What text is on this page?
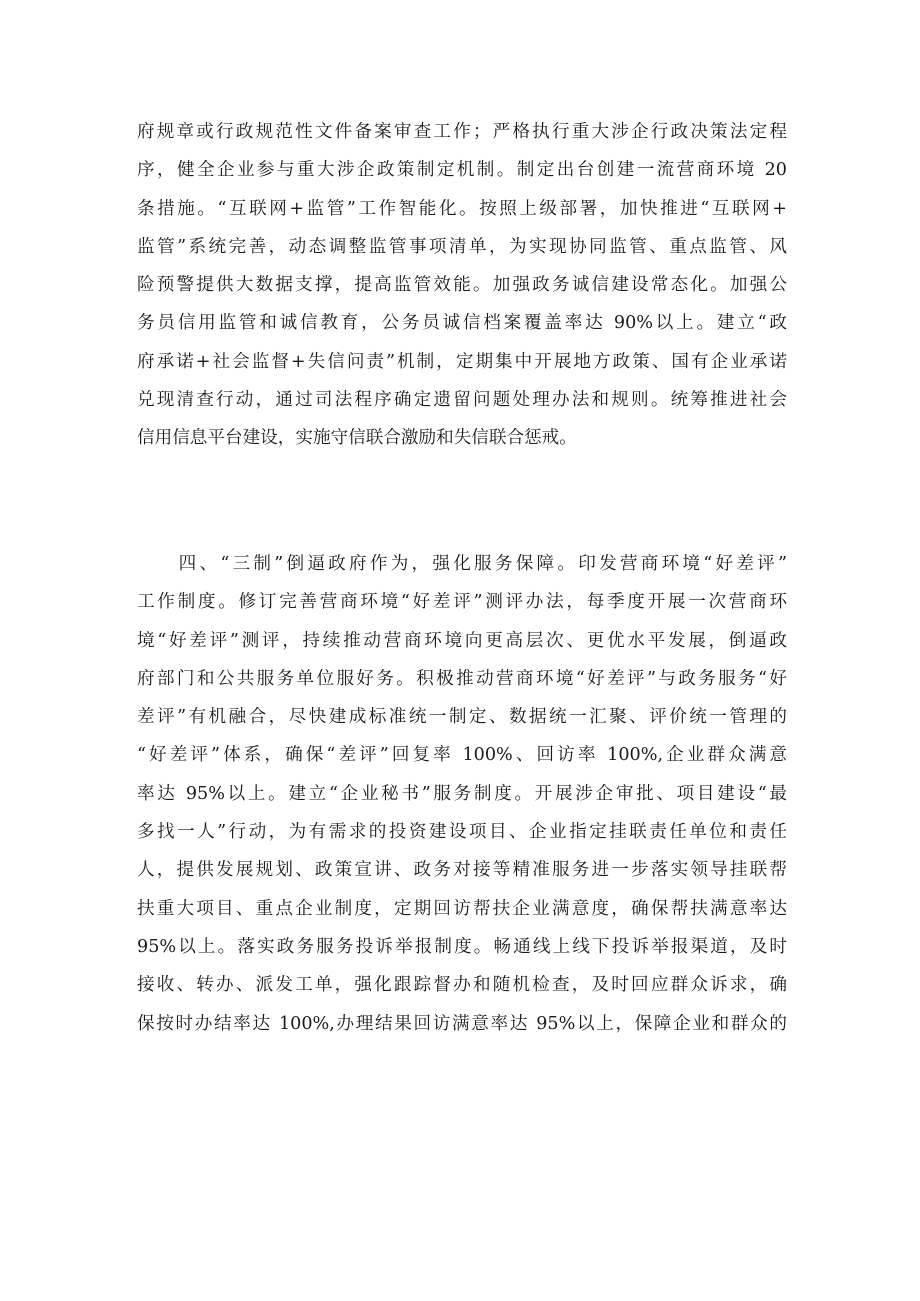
府规章或行政规范性文件备案审查工作；严格执行重大涉企行政决策法定程
序，健全企业参与重大涉企政策制定机制。制定出台创建一流营商环境 20
条措施。“互联网+监管”工作智能化。按照上级部署，加快推进“互联网+
监管”系统完善，动态调整监管事项清单，为实现协同监管、重点监管、风
险预警提供大数据支撑，提高监管效能。加强政务诚信建设常态化。加强公
务员信用监管和诚信教育，公务员诚信档案覆盖率达 90%以上。建立“政
府承诺+社会监督+失信问责”机制，定期集中开展地方政策、国有企业承诺
兑现清查行动，通过司法程序确定遗留问题处理办法和规则。统筹推进社会
信用信息平台建设，实施守信联合激励和失信联合惩戒。
　　四、“三制”倒逼政府作为，强化服务保障。印发营商环境“好差评”
工作制度。修订完善营商环境“好差评”测评办法，每季度开展一次营商环
境“好差评”测评，持续推动营商环境向更高层次、更优水平发展，倒逼政
府部门和公共服务单位服好务。积极推动营商环境“好差评”与政务服务“好
差评”有机融合，尽快建成标准统一制定、数据统一汇聚、评价统一管理的
“好差评”体系，确保“差评”回复率 100%、回访率 100%,企业群众满意
率达 95%以上。建立“企业秘书”服务制度。开展涉企审批、项目建设“最
多找一人”行动，为有需求的投资建设项目、企业指定挂联责任单位和责任
人，提供发展规划、政策宣讲、政务对接等精准服务进一步落实领导挂联帮
扶重大项目、重点企业制度，定期回访帮扶企业满意度，确保帮扶满意率达
95%以上。落实政务服务投诉举报制度。畅通线上线下投诉举报渠道，及时
接收、转办、派发工单，强化跟踪督办和随机检查，及时回应群众诉求，确
保按时办结率达 100%,办理结果回访满意率达 95%以上，保障企业和群众的
